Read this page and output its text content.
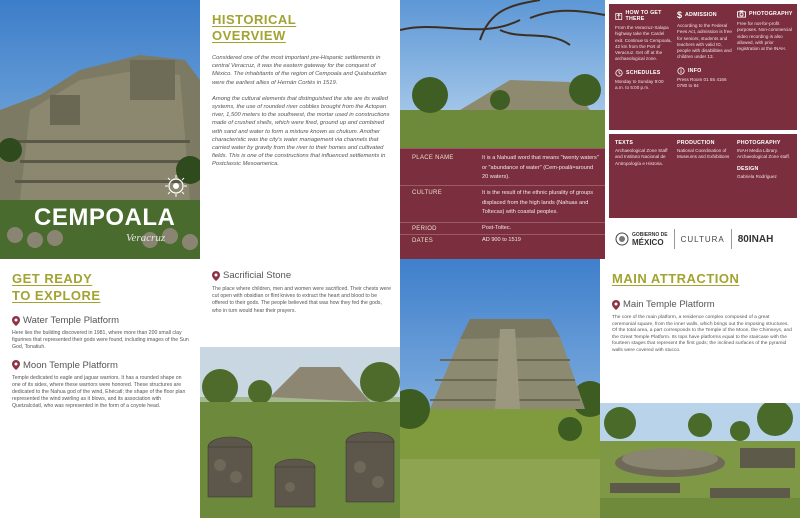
CEMPOALA
Veracruz
HISTORICAL
OVERVIEW

Considered one of the most important pre-Hispanic settlements in central Veracruz, it was the eastern gateway for the conquest of México. The inhabitants of the region of Cempoala and Quiahuiztlan were the earliest allies of Hernán Cortés in 1519.

Among the cultural elements that distinguished the site are its walled systems, the use of rounded river cobbles brought from the Actopan river, 1,500 meters to the southwest, the mortar used in constructions made of crushed shells, which were fired, ground up and combined with sand and water to form a mixture known as chukum. Another characteristic was the city's water management via channels that carried water by gravity from the river to their homes and cultivated fields. This is one of the constructions that influenced settlements in Postclassic Mesoamerica.

PLACE NAME	It is a Nahuatl word that means "twenty waters" or "abundance of water" (Cem-poalā=around 20 waters).
CULTURE	It is the result of the ethnic plurality of groups displaced from the high lands (Nahuas and Toltecas) with coastal peoples.
PERIOD	Post-Toltec.
DATES	AD 900 to 1519
HOW TO GET THERE

From the Veracruz-Xalapa highway take the Cardel exit. Continue to Cempoala, 42 km from the Port of Veracruz. Get off at the archaeological zone.

SCHEDULES

Monday to Sunday 9:00 a.m. to 5:00 p.m.

$ ADMISSION

According to the Federal Fees Act, admission is free for seniors, students and teachers with valid ID, people with disabilities and children under 13.

INFO

Press Room 01 55 4166 0780 to 84

PHOTOGRAPHY

Free for not-for-profit purposes. Non-commercial video recording is also allowed, with prior registration at the INAH.

TEXTS

Archaeological Zone Staff and Instituto Nacional de Antropología e Historia.

PRODUCTION

National Coordination of Museums and Exhibitions

PHOTOGRAPHY

INAH Media Library. Archaeological Zone staff.

DESIGN

Gabriela Rodríguez

GOBIERNO DE
MÉXICO	CULTURA 80INAH
GET READY
TO EXPLORE
Water Temple Platform

Here lies the building discovered in 1981, where more than 200 small clay figurines that represented their gods were found, including images of the Sun God, Tonatiuh.

Moon Temple Platform

Temple dedicated to eagle and jaguar warriors. It has a rounded shape on one of its sides, where these warriors were honored. These structures are dedicated to the Nahua god of the wind, Ehécatl; the shape of the floor plan represented the wind swirling as it blows, and its association with Quetzalcóatl, who was represented in the form of a coyote head.

Sacrificial Stone

The place where children, men and women were sacrificed. Their chests were cut open with obsidian or flint knives to extract the heart and blood to be offered to their gods. The people believed that was how they fed the gods, who in turn would hear their prayers.

MAIN ATTRACTION
Main Temple Platform

The core of the main platform, a residence complex composed of a great ceremonial square, from the inner walls, which brings out the imposing structures. Of the total area, a part corresponds to the Temple of the Moon, the Chimneys, and the Great Temple Platform. Its tops have platforms equal to the staircase with the fourteen stages that represent the first gods; the inclined surfaces of the pyramid walls were covered with stucco.
